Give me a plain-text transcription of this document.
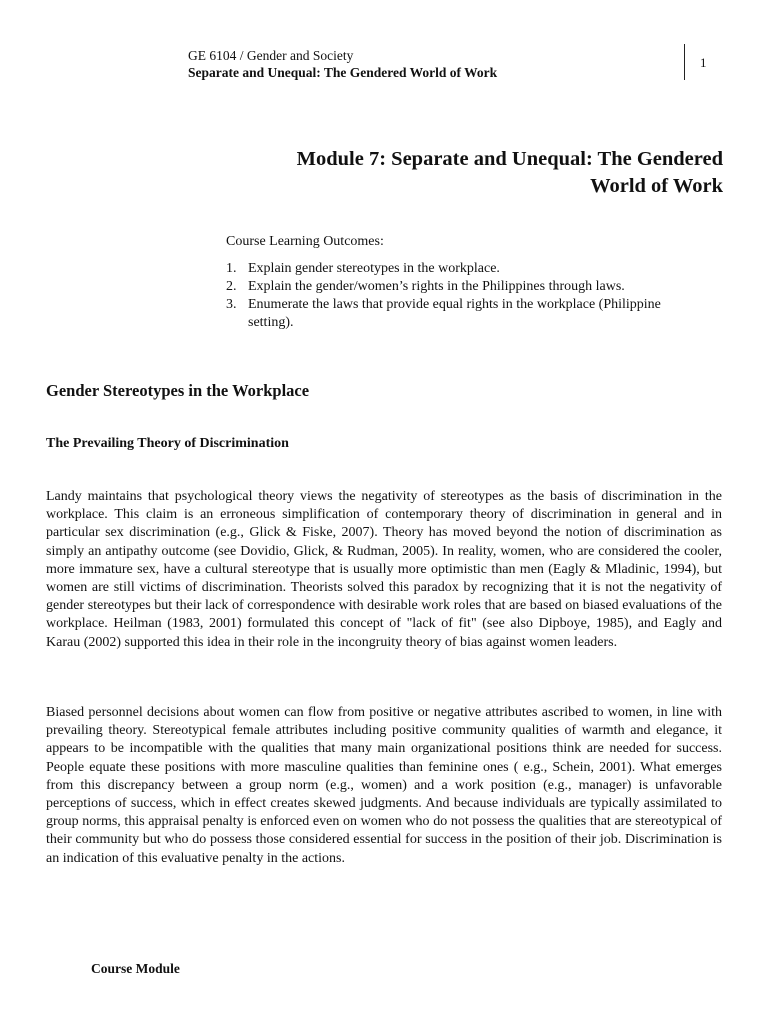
GE 6104 / Gender and Society
Separate and Unequal: The Gendered World of Work
1
Module 7: Separate and Unequal: The Gendered
World of Work
Course Learning Outcomes:
1. Explain gender stereotypes in the workplace.
2. Explain the gender/women’s rights in the Philippines through laws.
3. Enumerate the laws that provide equal rights in the workplace (Philippine setting).
Gender Stereotypes in the Workplace
The Prevailing Theory of Discrimination

Landy maintains that psychological theory views the negativity of stereotypes as the basis of discrimination in the workplace. This claim is an erroneous simplification of contemporary theory of discrimination in general and in particular sex discrimination (e.g., Glick & Fiske, 2007). Theory has moved beyond the notion of discrimination as simply an antipathy outcome (see Dovidio, Glick, & Rudman, 2005). In reality, women, who are considered the cooler, more immature sex, have a cultural stereotype that is usually more optimistic than men (Eagly & Mladinic, 1994), but women are still victims of discrimination. Theorists solved this paradox by recognizing that it is not the negativity of gender stereotypes but their lack of correspondence with desirable work roles that are based on biased evaluations of the workplace. Heilman (1983, 2001) formulated this concept of "lack of fit" (see also Dipboye, 1985), and Eagly and Karau (2002) supported this idea in their role in the incongruity theory of bias against women leaders.

Biased personnel decisions about women can flow from positive or negative attributes ascribed to women, in line with prevailing theory. Stereotypical female attributes including positive community qualities of warmth and elegance, it appears to be incompatible with the qualities that many main organizational positions think are needed for success. People equate these positions with more masculine qualities than feminine ones ( e.g., Schein, 2001). What emerges from this discrepancy between a group norm (e.g., women) and a work position (e.g., manager) is unfavorable perceptions of success, which in effect creates skewed judgments. And because individuals are typically assimilated to group norms, this appraisal penalty is enforced even on women who do not possess the qualities that are stereotypical of their community but who do possess those considered essential for success in the position of their job. Discrimination is an indication of this evaluative penalty in the actions.

Course Module
